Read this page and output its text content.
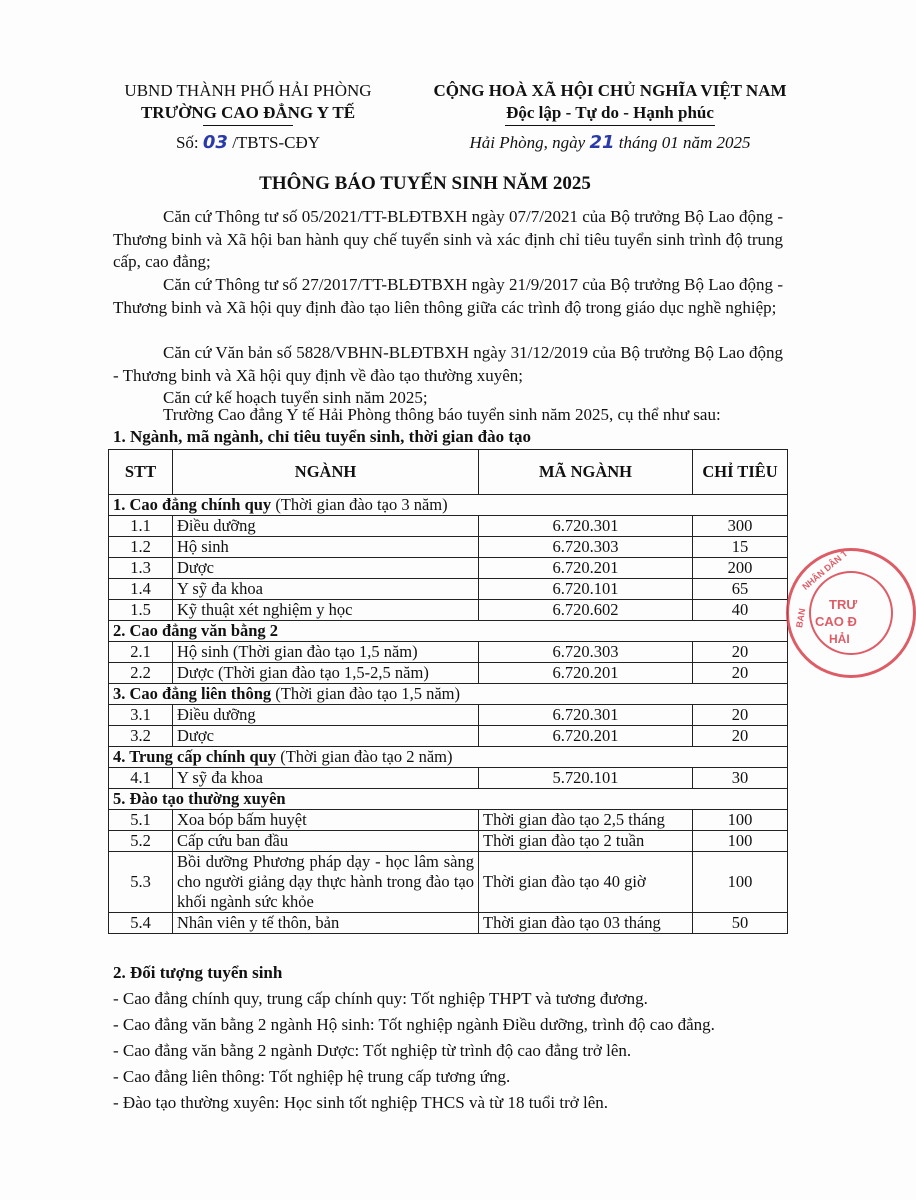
UBND THÀNH PHỐ HẢI PHÒNG
TRƯỜNG CAO ĐẲNG Y TẾ
Số: 03 /TBTS-CĐY
CỘNG HOÀ XÃ HỘI CHỦ NGHĨA VIỆT NAM
Độc lập - Tự do - Hạnh phúc
Hải Phòng, ngày 21 tháng 01 năm 2025
THÔNG BÁO TUYỂN SINH NĂM 2025
Căn cứ Thông tư số 05/2021/TT-BLĐTBXH ngày 07/7/2021 của Bộ trưởng Bộ Lao động - Thương binh và Xã hội ban hành quy chế tuyển sinh và xác định chỉ tiêu tuyển sinh trình độ trung cấp, cao đẳng;
Căn cứ Thông tư số 27/2017/TT-BLĐTBXH ngày 21/9/2017 của Bộ trưởng Bộ Lao động - Thương binh và Xã hội quy định đào tạo liên thông giữa các trình độ trong giáo dục nghề nghiệp;
Căn cứ Văn bản số 5828/VBHN-BLĐTBXH ngày 31/12/2019 của Bộ trưởng Bộ Lao động - Thương binh và Xã hội quy định về đào tạo thường xuyên;
Căn cứ kế hoạch tuyển sinh năm 2025;
Trường Cao đẳng Y tế Hải Phòng thông báo tuyển sinh năm 2025, cụ thể như sau:
1. Ngành, mã ngành, chỉ tiêu tuyển sinh, thời gian đào tạo
STT	NGÀNH	MÃ NGÀNH	CHỈ TIÊU
1. Cao đẳng chính quy (Thời gian đào tạo 3 năm)			
1.1	Điều dưỡng	6.720.301	300
1.2	Hộ sinh	6.720.303	15
1.3	Dược	6.720.201	200
1.4	Y sỹ đa khoa	6.720.101	65
1.5	Kỹ thuật xét nghiệm y học	6.720.602	40
2. Cao đẳng văn bằng 2			
2.1	Hộ sinh (Thời gian đào tạo 1,5 năm)	6.720.303	20
2.2	Dược (Thời gian đào tạo 1,5-2,5 năm)	6.720.201	20
3. Cao đẳng liên thông (Thời gian đào tạo 1,5 năm)			
3.1	Điều dưỡng	6.720.301	20
3.2	Dược	6.720.201	20
4. Trung cấp chính quy (Thời gian đào tạo 2 năm)			
4.1	Y sỹ đa khoa	5.720.101	30
5. Đào tạo thường xuyên			
5.1	Xoa bóp bấm huyệt	Thời gian đào tạo 2,5 tháng	100
5.2	Cấp cứu ban đầu	Thời gian đào tạo 2 tuần	100
5.3	Bồi dưỡng Phương pháp dạy - học lâm sàng cho người giảng dạy thực hành trong đào tạo khối ngành sức khỏe	Thời gian đào tạo 40 giờ	100
5.4	Nhân viên y tế thôn, bản	Thời gian đào tạo 03 tháng	50
2. Đối tượng tuyển sinh
- Cao đẳng chính quy, trung cấp chính quy: Tốt nghiệp THPT và tương đương.
- Cao đẳng văn bằng 2 ngành Hộ sinh: Tốt nghiệp ngành Điều dưỡng, trình độ cao đẳng.
- Cao đẳng văn bằng 2 ngành Dược: Tốt nghiệp từ trình độ cao đẳng trở lên.
- Cao đẳng liên thông: Tốt nghiệp hệ trung cấp tương ứng.
- Đào tạo thường xuyên: Học sinh tốt nghiệp THCS và từ 18 tuổi trở lên.
TRƯ
CAO Đ
HẢI
BAN
NHÂN DÂN T
